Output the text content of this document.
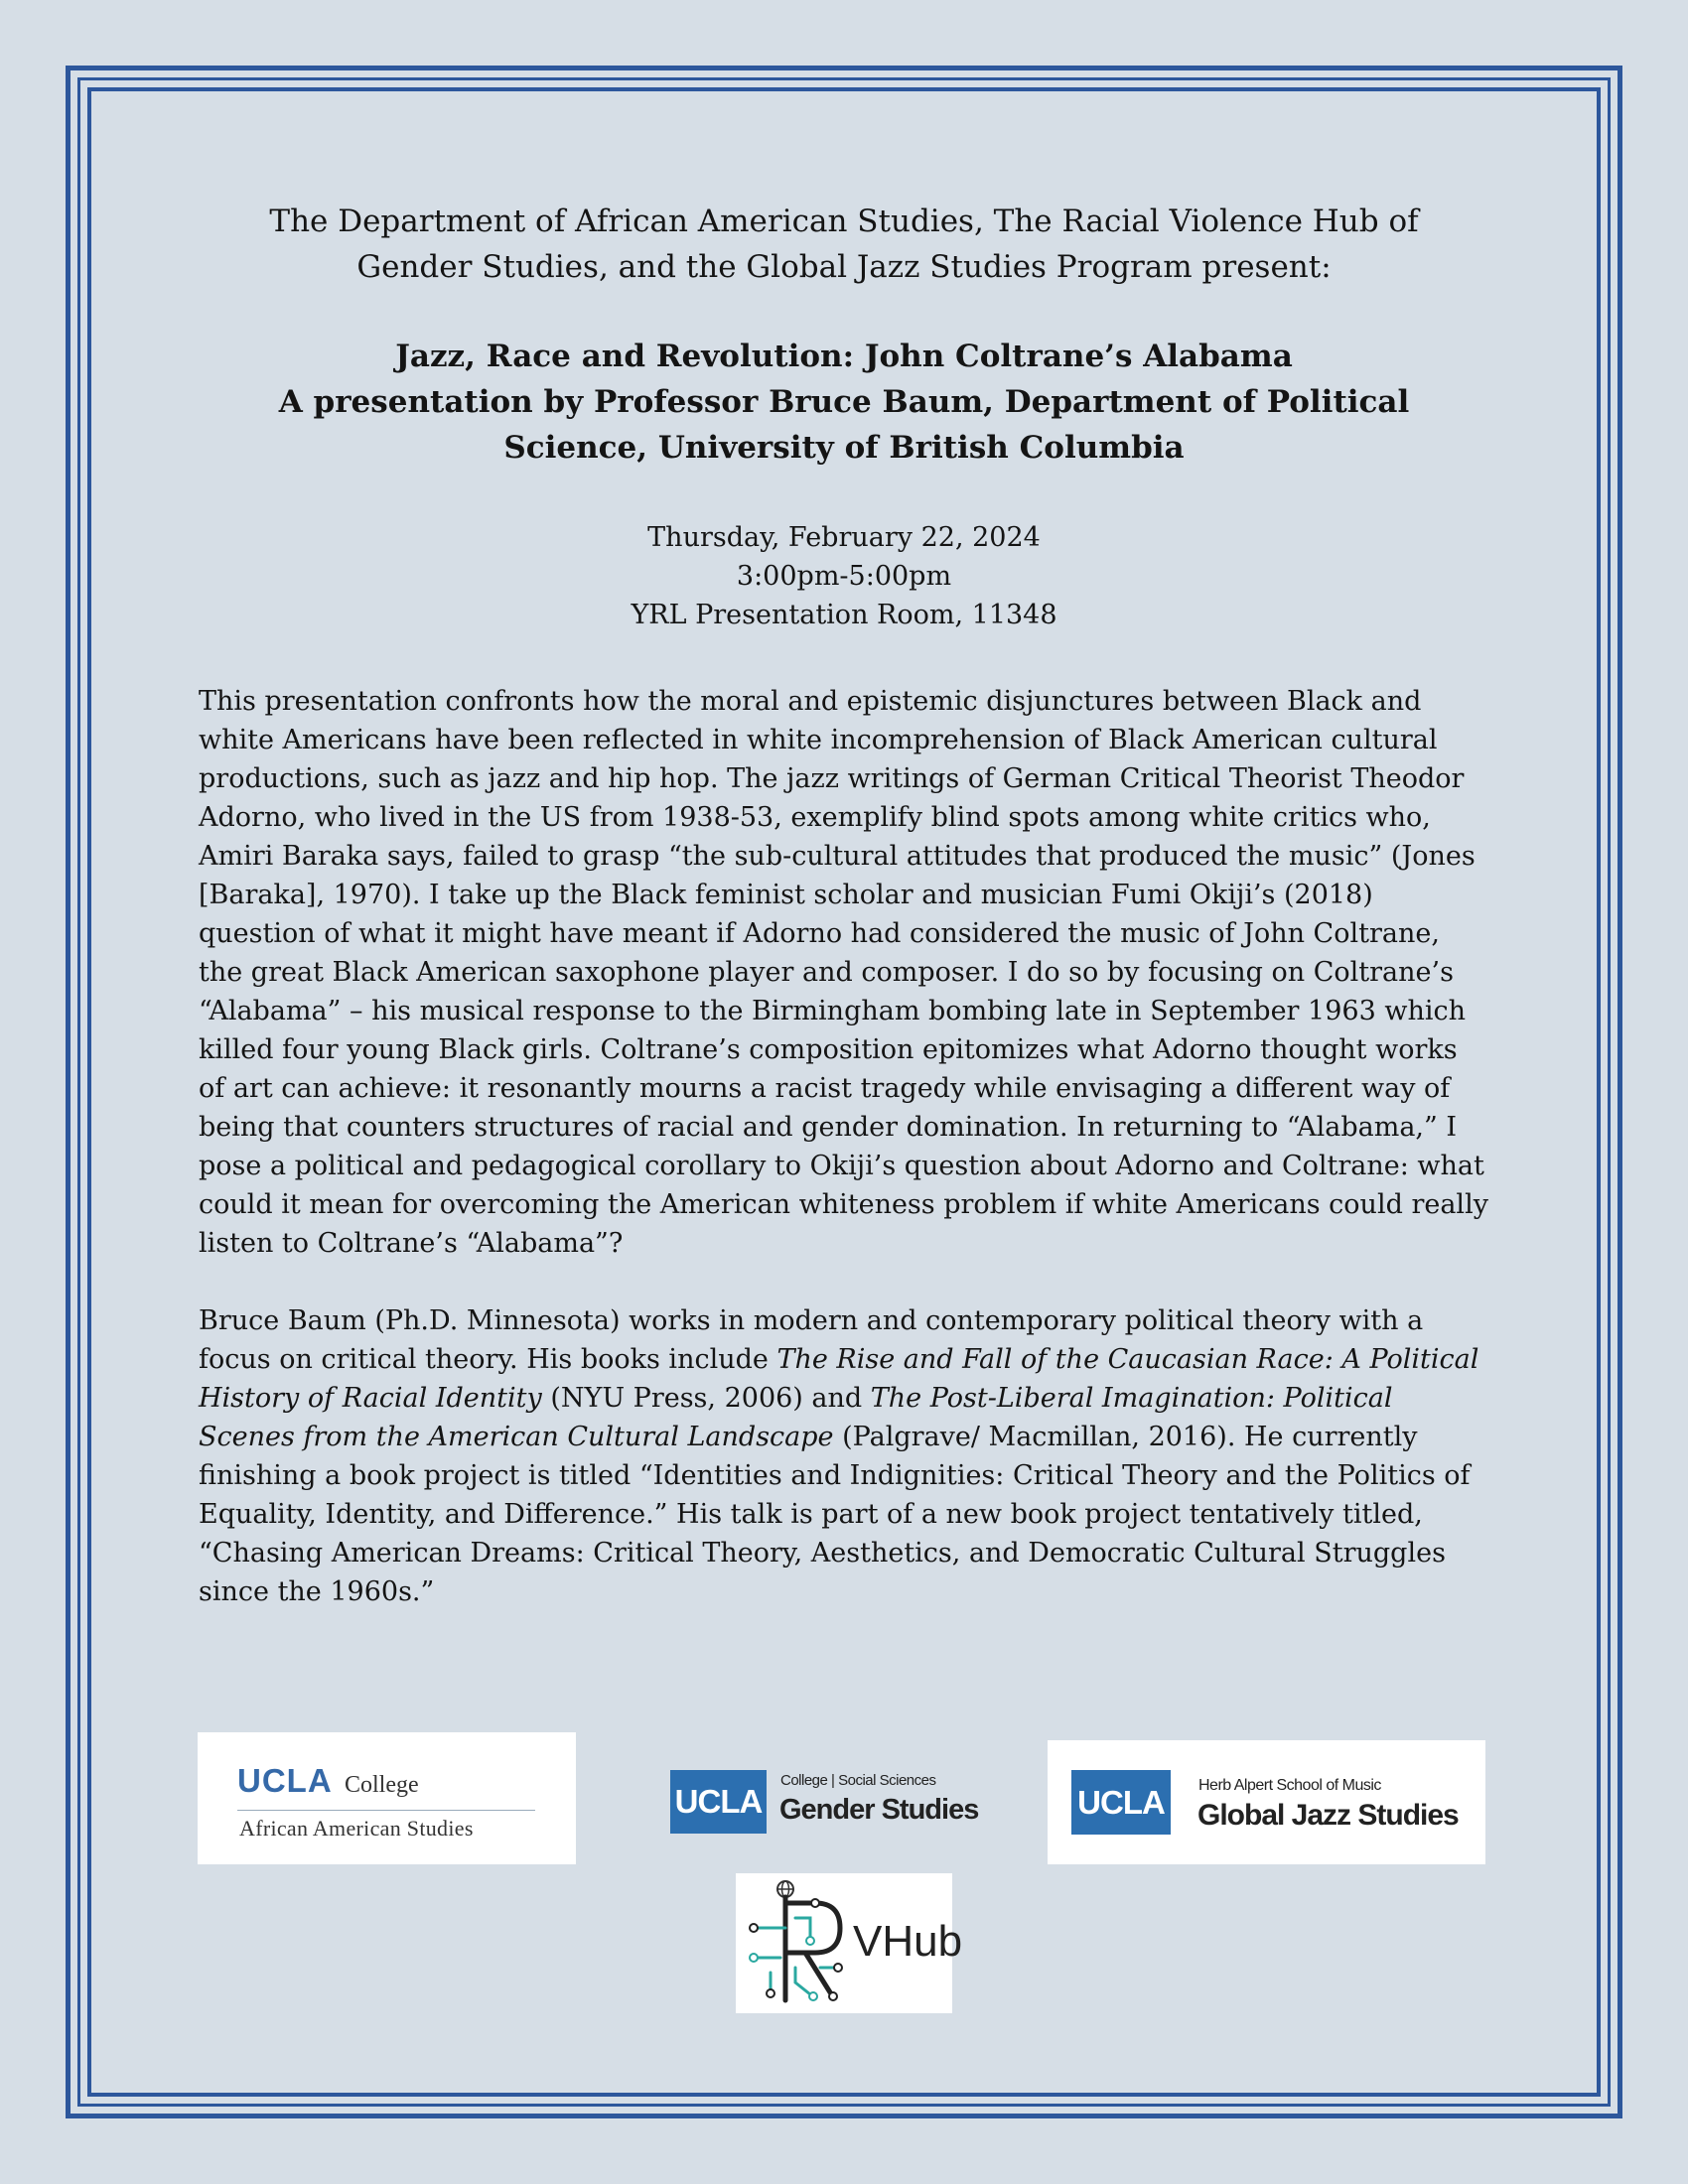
The Department of African American Studies, The Racial Violence Hub of
Gender Studies, and the Global Jazz Studies Program present:
Jazz, Race and Revolution: John Coltrane’s Alabama
A presentation by Professor Bruce Baum, Department of Political
Science, University of British Columbia
Thursday, February 22, 2024
3:00pm-5:00pm
YRL Presentation Room, 11348

This presentation confronts how the moral and epistemic disjunctures between Black and white Americans have been reflected in white incomprehension of Black American cultural productions, such as jazz and hip hop. The jazz writings of German Critical Theorist Theodor Adorno, who lived in the US from 1938-53, exemplify blind spots among white critics who, Amiri Baraka says, failed to grasp “the sub-cultural attitudes that produced the music” (Jones [Baraka], 1970). I take up the Black feminist scholar and musician Fumi Okiji’s (2018) question of what it might have meant if Adorno had considered the music of John Coltrane, the great Black American saxophone player and composer. I do so by focusing on Coltrane’s “Alabama” – his musical response to the Birmingham bombing late in September 1963 which killed four young Black girls. Coltrane’s composition epitomizes what Adorno thought works of art can achieve: it resonantly mourns a racist tragedy while envisaging a different way of being that counters structures of racial and gender domination. In returning to “Alabama,” I pose a political and pedagogical corollary to Okiji’s question about Adorno and Coltrane: what could it mean for overcoming the American whiteness problem if white Americans could really listen to Coltrane’s “Alabama”?

Bruce Baum (Ph.D. Minnesota) works in modern and contemporary political theory with a focus on critical theory. His books include The Rise and Fall of the Caucasian Race: A Political History of Racial Identity (NYU Press, 2006) and The Post-Liberal Imagination: Political Scenes from the American Cultural Landscape (Palgrave/ Macmillan, 2016). He currently finishing a book project is titled “Identities and Indignities: Critical Theory and the Politics of Equality, Identity, and Difference.” His talk is part of a new book project tentatively titled, “Chasing American Dreams: Critical Theory, Aesthetics, and Democratic Cultural Struggles since the 1960s.”

UCLA College
African American Studies
UCLA
College | Social Sciences
Gender Studies	UCLA	Herb Alpert School of Music
Global Jazz Studies
VHub
